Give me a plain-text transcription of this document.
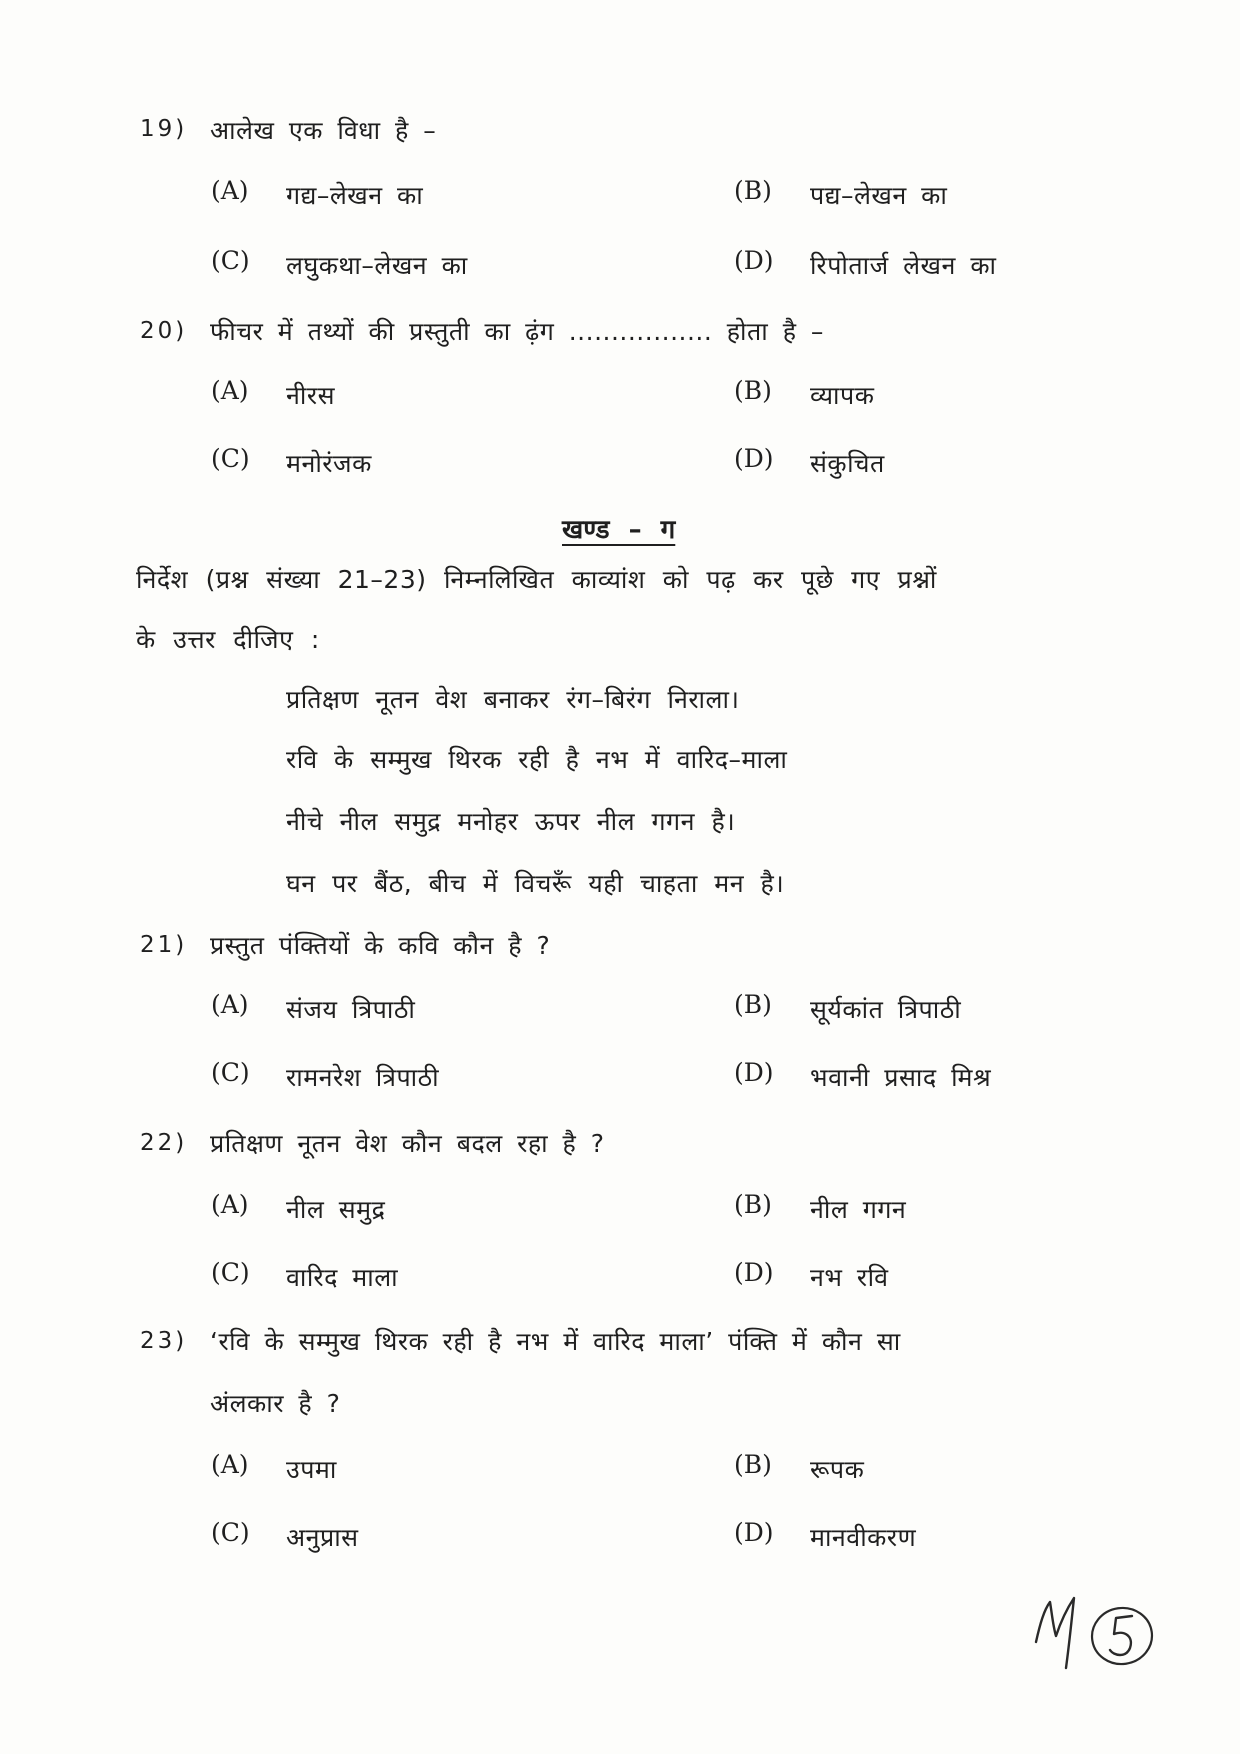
19) आलेख एक विधा है –
(A) गद्य–लेखन का	(B) पद्य–लेखन का
(C) लघुकथा–लेखन का	(D) रिपोतार्ज लेखन का
20) फीचर में तथ्यों की प्रस्तुती का ढ़ंग ................. होता है –
(A) नीरस	(B) व्यापक
(C) मनोरंजक	(D) संकुचित
खण्ड – ग
निर्देश (प्रश्न संख्या 21–23) निम्नलिखित काव्यांश को पढ़ कर पूछे गए प्रश्नों
के उत्तर दीजिए :
प्रतिक्षण नूतन वेश बनाकर रंग–बिरंग निराला।
रवि के सम्मुख थिरक रही है नभ में वारिद–माला
नीचे नील समुद्र मनोहर ऊपर नील गगन है।
घन पर बैंठ, बीच में विचरूँ यही चाहता मन है।
21) प्रस्तुत पंक्तियों के कवि कौन है ?
(A) संजय त्रिपाठी	(B) सूर्यकांत त्रिपाठी
(C) रामनरेश त्रिपाठी	(D) भवानी प्रसाद मिश्र
22) प्रतिक्षण नूतन वेश कौन बदल रहा है ?
(A) नील समुद्र	(B) नील गगन
(C) वारिद माला	(D) नभ रवि
23) ‘रवि के सम्मुख थिरक रही है नभ में वारिद माला’ पंक्ति में कौन सा
अंलकार है ?
(A) उपमा	(B) रूपक
(C) अनुप्रास	(D) मानवीकरण
